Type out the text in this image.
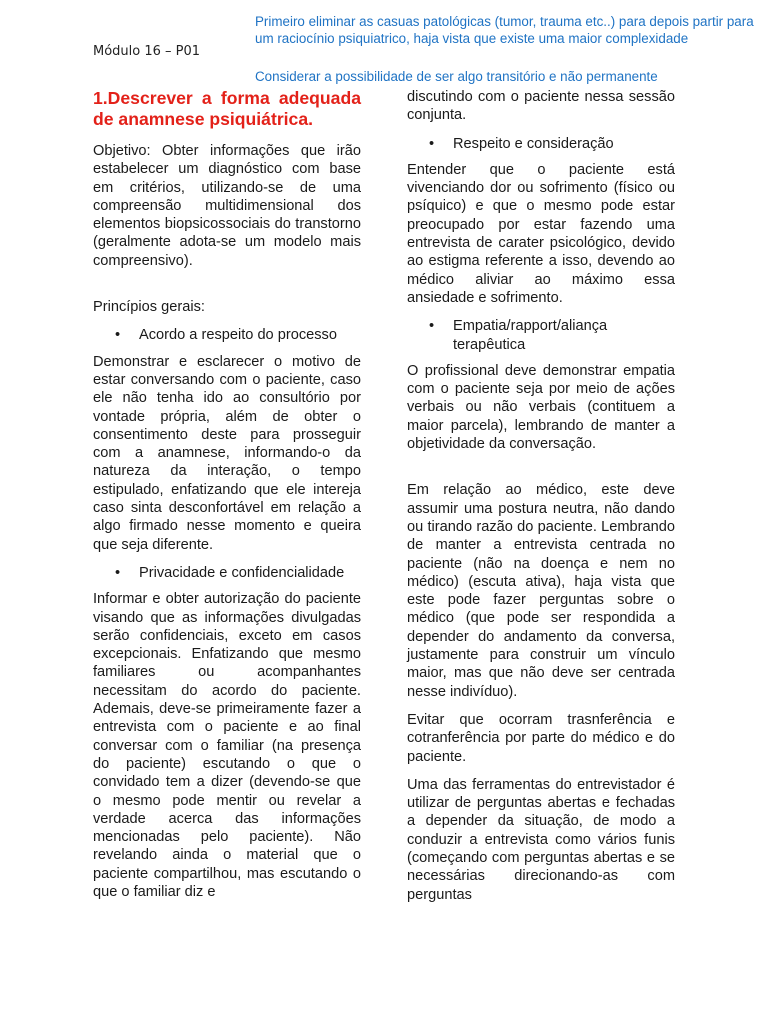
Módulo 16 – P01
Primeiro eliminar as casuas patológicas (tumor, trauma etc..) para depois partir para um raciocínio psiquiatrico, haja vista que existe uma maior complexidade
Considerar a possibilidade de ser algo transitório e não permanente
1.Descrever a forma adequada de anamnese psiquiátrica.

Objetivo: Obter informações que irão estabelecer um diagnóstico com base em critérios, utilizando-se de uma compreensão multidimensional dos elementos biopsicossociais do transtorno (geralmente adota-se um modelo mais compreensivo).

Princípios gerais:

• Acordo a respeito do processo

Demonstrar e esclarecer o motivo de estar conversando com o paciente, caso ele não tenha ido ao consultório por vontade própria, além de obter o consentimento deste para prosseguir com a anamnese, informando-o da natureza da interação, o tempo estipulado, enfatizando que ele intereja caso sinta desconfortável em relação a algo firmado nesse momento e queira que seja diferente.

• Privacidade e confidencialidade

Informar e obter autorização do paciente visando que as informações divulgadas serão confidenciais, exceto em casos excepcionais. Enfatizando que mesmo familiares ou acompanhantes necessitam do acordo do paciente. Ademais, deve-se primeiramente fazer a entrevista com o paciente e ao final conversar com o familiar (na presença do paciente) escutando o que o convidado tem a dizer (devendo-se que o mesmo pode mentir ou revelar a verdade acerca das informações mencionadas pelo paciente). Não revelando ainda o material que o paciente compartilhou, mas escutando o que o familiar diz e

discutindo com o paciente nessa sessão conjunta.

• Respeito e consideração

Entender que o paciente está vivenciando dor ou sofrimento (físico ou psíquico) e que o mesmo pode estar preocupado por estar fazendo uma entrevista de carater psicológico, devido ao estigma referente a isso, devendo ao médico aliviar ao máximo essa ansiedade e sofrimento.

• Empatia/rapport/aliança terapêutica

O profissional deve demonstrar empatia com o paciente seja por meio de ações verbais ou não verbais (contituem a maior parcela), lembrando de manter a objetividade da conversação.

Em relação ao médico, este deve assumir uma postura neutra, não dando ou tirando razão do paciente. Lembrando de manter a entrevista centrada no paciente (não na doença e nem no médico) (escuta ativa), haja vista que este pode fazer perguntas sobre o médico (que pode ser respondida a depender do andamento da conversa, justamente para construir um vínculo maior, mas que não deve ser centrada nesse indivíduo).

Evitar que ocorram trasnferência e cotranferência por parte do médico e do paciente.

Uma das ferramentas do entrevistador é utilizar de perguntas abertas e fechadas a depender da situação, de modo a conduzir a entrevista como vários funis (começando com perguntas abertas e se necessárias direcionando-as com perguntas
